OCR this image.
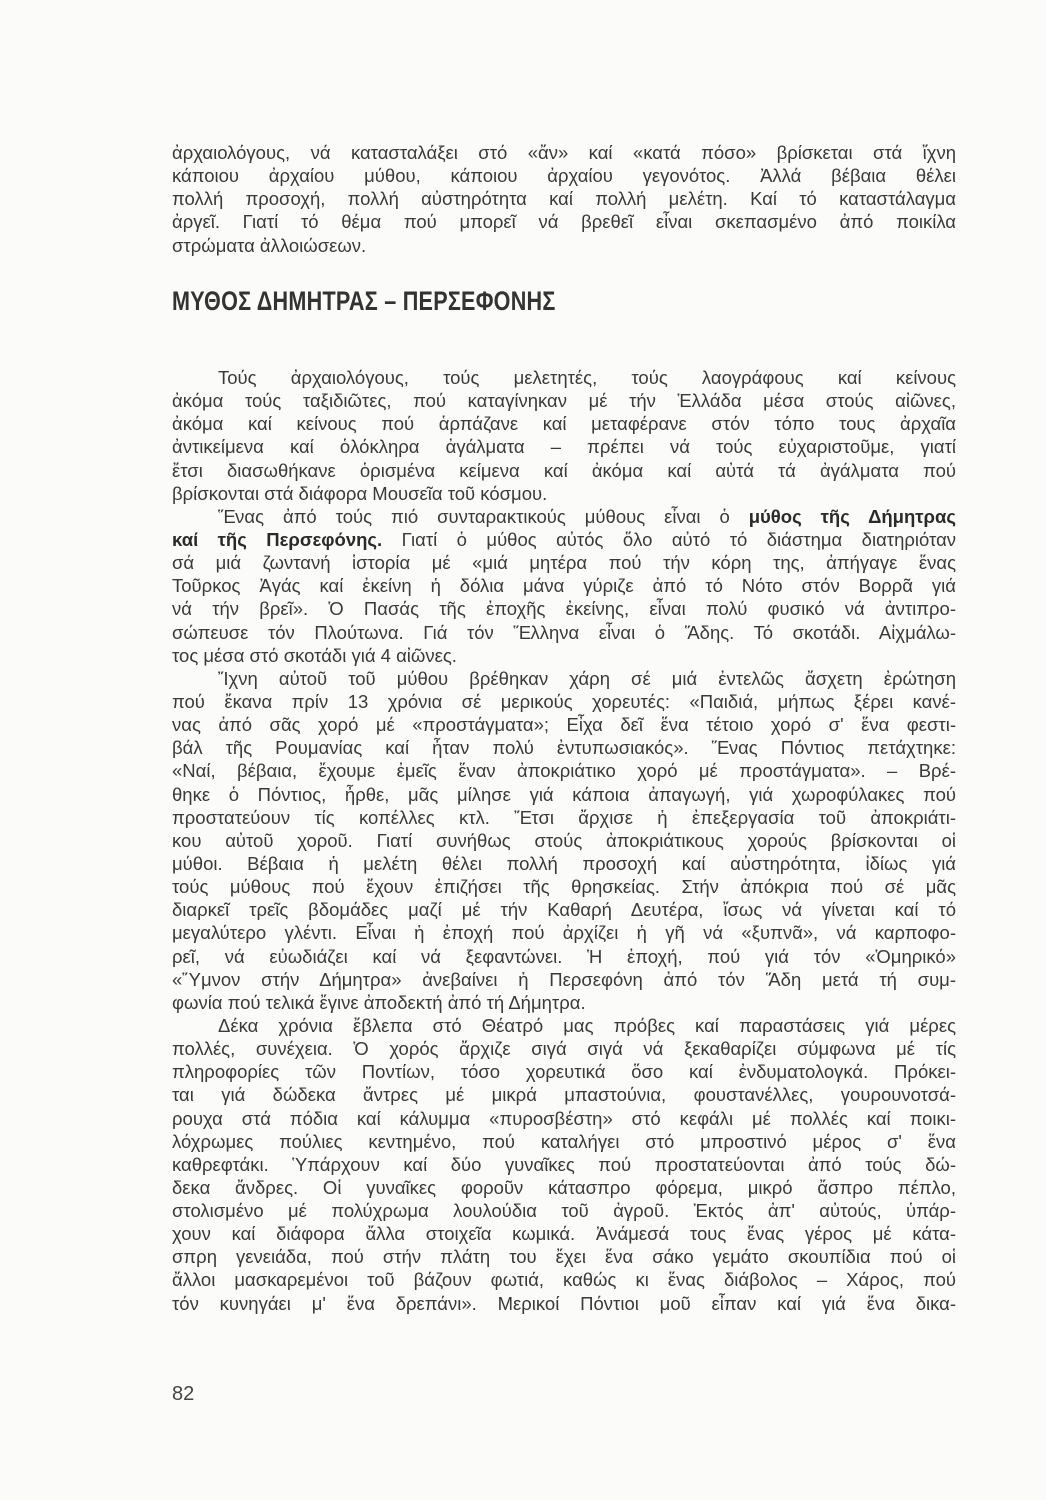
ἀρχαιολόγους, νά κατασταλάξει στό «ἄν» καί «κατά πόσο» βρίσκεται στά ἴχνη
κάποιου ἀρχαίου μύθου, κάποιου ἀρχαίου γεγονότος. Ἀλλά βέβαια θέλει
πολλή προσοχή, πολλή αὐστηρότητα καί πολλή μελέτη. Καί τό καταστάλαγμα
ἀργεῖ. Γιατί τό θέμα πού μπορεῖ νά βρεθεῖ εἶναι σκεπασμένο ἀπό ποικίλα
στρώματα ἀλλοιώσεων.
ΜΥΘΟΣ ΔΗΜΗΤΡΑΣ – ΠΕΡΣΕΦΟΝΗΣ
Τούς ἀρχαιολόγους, τούς μελετητές, τούς λαογράφους καί κείνους
ἀκόμα τούς ταξιδιῶτες, πού καταγίνηκαν μέ τήν Ἑλλάδα μέσα στούς αἰῶνες,
ἀκόμα καί κείνους πού ἁρπάζανε καί μεταφέρανε στόν τόπο τους ἀρχαῖα
ἀντικείμενα καί ὁλόκληρα ἀγάλματα – πρέπει νά τούς εὐχαριστοῦμε, γιατί
ἔτσι διασωθήκανε ὁρισμένα κείμενα καί ἀκόμα καί αὐτά τά ἀγάλματα πού
βρίσκονται στά διάφορα Μουσεῖα τοῦ κόσμου.
Ἕνας ἀπό τούς πιό συνταρακτικούς μύθους εἶναι ὁ μύθος τῆς Δήμητρας
καί τῆς Περσεφόνης. Γιατί ὁ μύθος αὐτός ὅλο αὐτό τό διάστημα διατηριόταν
σά μιά ζωντανή ἱστορία μέ «μιά μητέρα πού τήν κόρη της, ἀπήγαγε ἕνας
Τοῦρκος Ἀγάς καί ἐκείνη ἡ δόλια μάνα γύριζε ἀπό τό Νότο στόν Βορρᾶ γιά
νά τήν βρεῖ». Ὁ Πασάς τῆς ἐποχῆς ἐκείνης, εἶναι πολύ φυσικό νά ἀντιπρο-
σώπευσε τόν Πλούτωνα. Γιά τόν Ἕλληνα εἶναι ὁ Ἅδης. Τό σκοτάδι. Αἰχμάλω-
τος μέσα στό σκοτάδι γιά 4 αἰῶνες.
Ἴχνη αὐτοῦ τοῦ μύθου βρέθηκαν χάρη σέ μιά ἐντελῶς ἄσχετη ἐρώτηση
πού ἔκανα πρίν 13 χρόνια σέ μερικούς χορευτές: «Παιδιά, μήπως ξέρει κανέ-
νας ἀπό σᾶς χορό μέ «προστάγματα»; Εἶχα δεῖ ἕνα τέτοιο χορό σ' ἕνα φεστι-
βάλ τῆς Ρουμανίας καί ἦταν πολύ ἐντυπωσιακός». Ἕνας Πόντιος πετάχτηκε:
«Ναί, βέβαια, ἔχουμε ἐμεῖς ἕναν ἀποκριάτικο χορό μέ προστάγματα». – Βρέ-
θηκε ὁ Πόντιος, ἦρθε, μᾶς μίλησε γιά κάποια ἀπαγωγή, γιά χωροφύλακες πού
προστατεύουν τίς κοπέλλες κτλ. Ἔτσι ἄρχισε ἡ ἐπεξεργασία τοῦ ἀποκριάτι-
κου αὐτοῦ χοροῦ. Γιατί συνήθως στούς ἀποκριάτικους χορούς βρίσκονται οἱ
μύθοι. Βέβαια ἡ μελέτη θέλει πολλή προσοχή καί αὐστηρότητα, ἰδίως γιά
τούς μύθους πού ἔχουν ἐπιζήσει τῆς θρησκείας. Στήν ἀπόκρια πού σέ μᾶς
διαρκεῖ τρεῖς βδομάδες μαζί μέ τήν Καθαρή Δευτέρα, ἴσως νά γίνεται καί τό
μεγαλύτερο γλέντι. Εἶναι ἡ ἐποχή πού ἀρχίζει ἡ γῆ νά «ξυπνᾶ», νά καρποφο-
ρεῖ, νά εὐωδιάζει καί νά ξεφαντώνει. Ἡ ἐποχή, πού γιά τόν «Ὁμηρικό»
«Ὕμνον στήν Δήμητρα» ἀνεβαίνει ἡ Περσεφόνη ἀπό τόν Ἅδη μετά τή συμ-
φωνία πού τελικά ἔγινε ἀποδεκτή ἀπό τή Δήμητρα.
Δέκα χρόνια ἔβλεπα στό Θέατρό μας πρόβες καί παραστάσεις γιά μέρες
πολλές, συνέχεια. Ὁ χορός ἄρχιζε σιγά σιγά νά ξεκαθαρίζει σύμφωνα μέ τίς
πληροφορίες τῶν Ποντίων, τόσο χορευτικά ὅσο καί ἐνδυματολογκά. Πρόκει-
ται γιά δώδεκα ἄντρες μέ μικρά μπαστούνια, φουστανέλλες, γουρουνοτσά-
ρουχα στά πόδια καί κάλυμμα «πυροσβέστη» στό κεφάλι μέ πολλές καί ποικι-
λόχρωμες πούλιες κεντημένο, πού καταλήγει στό μπροστινό μέρος σ' ἕνα
καθρεφτάκι. Ὑπάρχουν καί δύο γυναῖκες πού προστατεύονται ἀπό τούς δώ-
δεκα ἄνδρες. Οἱ γυναῖκες φοροῦν κάτασπρο φόρεμα, μικρό ἄσπρο πέπλο,
στολισμένο μέ πολύχρωμα λουλούδια τοῦ ἀγροῦ. Ἐκτός ἀπ' αὐτούς, ὑπάρ-
χουν καί διάφορα ἄλλα στοιχεῖα κωμικά. Ἀνάμεσά τους ἕνας γέρος μέ κάτα-
σπρη γενειάδα, πού στήν πλάτη του ἔχει ἕνα σάκο γεμάτο σκουπίδια πού οἱ
ἄλλοι μασκαρεμένοι τοῦ βάζουν φωτιά, καθώς κι ἕνας διάβολος – Χάρος, πού
τόν κυνηγάει μ' ἕνα δρεπάνι». Μερικοί Πόντιοι μοῦ εἶπαν καί γιά ἕνα δικα-
82
